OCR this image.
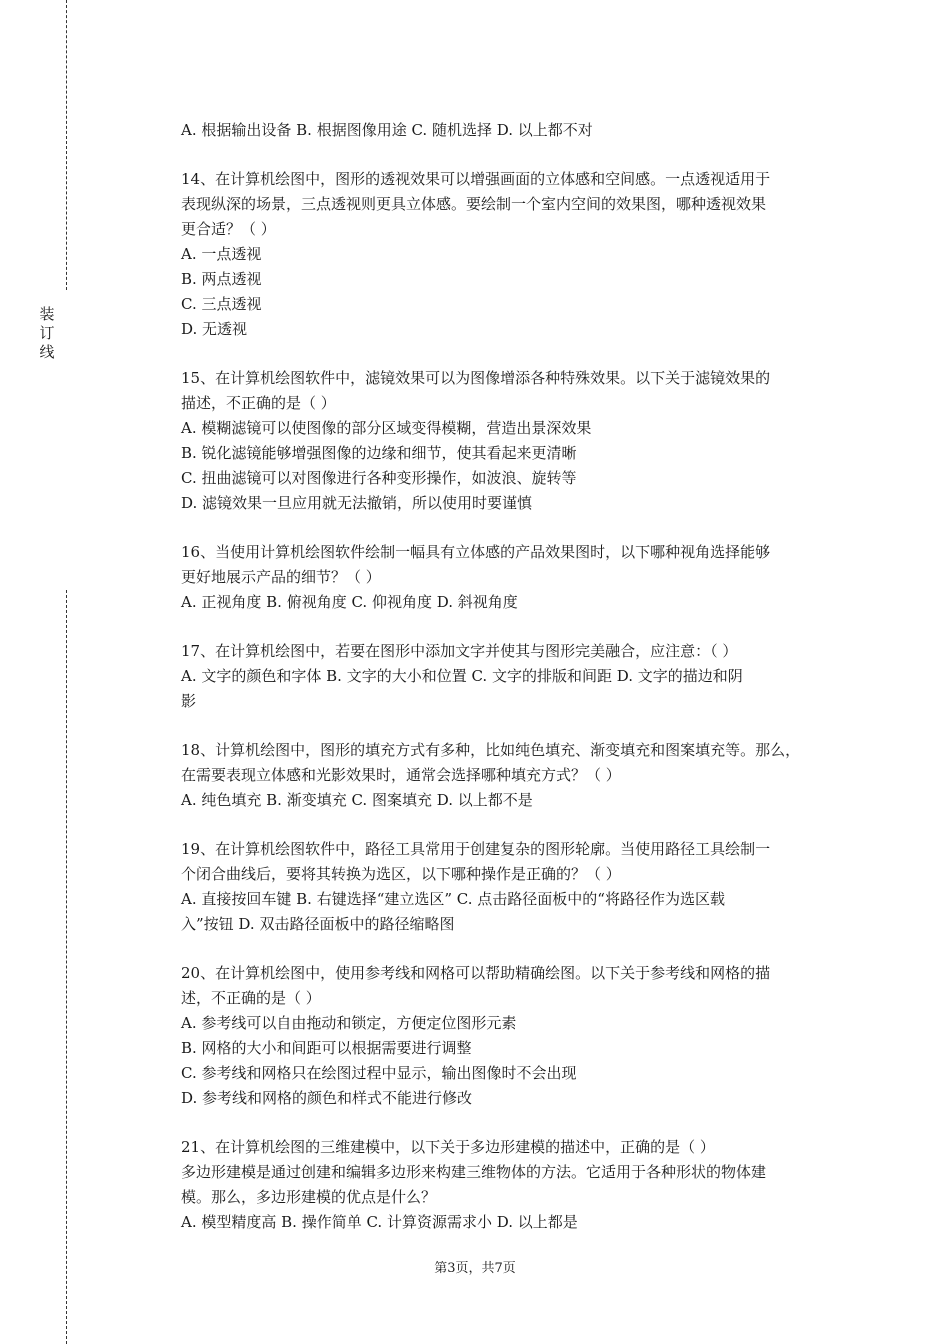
装订线
A. 根据输出设备 B. 根据图像用途 C. 随机选择 D. 以上都不对
14、在计算机绘图中，图形的透视效果可以增强画面的立体感和空间感。一点透视适用于
表现纵深的场景，三点透视则更具立体感。要绘制一个室内空间的效果图，哪种透视效果
更合适？（ ）
A. 一点透视
B. 两点透视
C. 三点透视
D. 无透视
15、在计算机绘图软件中，滤镜效果可以为图像增添各种特殊效果。以下关于滤镜效果的
描述，不正确的是（ ）
A. 模糊滤镜可以使图像的部分区域变得模糊，营造出景深效果
B. 锐化滤镜能够增强图像的边缘和细节，使其看起来更清晰
C. 扭曲滤镜可以对图像进行各种变形操作，如波浪、旋转等
D. 滤镜效果一旦应用就无法撤销，所以使用时要谨慎
16、当使用计算机绘图软件绘制一幅具有立体感的产品效果图时，以下哪种视角选择能够
更好地展示产品的细节？（ ）
A. 正视角度 B. 俯视角度 C. 仰视角度 D. 斜视角度
17、在计算机绘图中，若要在图形中添加文字并使其与图形完美融合，应注意：（ ）
A. 文字的颜色和字体 B. 文字的大小和位置 C. 文字的排版和间距 D. 文字的描边和阴
影
18、计算机绘图中，图形的填充方式有多种，比如纯色填充、渐变填充和图案填充等。那么，
在需要表现立体感和光影效果时，通常会选择哪种填充方式？（ ）
A. 纯色填充 B. 渐变填充 C. 图案填充 D. 以上都不是
19、在计算机绘图软件中，路径工具常用于创建复杂的图形轮廓。当使用路径工具绘制一
个闭合曲线后，要将其转换为选区，以下哪种操作是正确的？（ ）
A. 直接按回车键 B. 右键选择“建立选区” C. 点击路径面板中的“将路径作为选区载
入”按钮 D. 双击路径面板中的路径缩略图
20、在计算机绘图中，使用参考线和网格可以帮助精确绘图。以下关于参考线和网格的描
述，不正确的是（ ）
A. 参考线可以自由拖动和锁定，方便定位图形元素
B. 网格的大小和间距可以根据需要进行调整
C. 参考线和网格只在绘图过程中显示，输出图像时不会出现
D. 参考线和网格的颜色和样式不能进行修改
21、在计算机绘图的三维建模中，以下关于多边形建模的描述中，正确的是（ ）
多边形建模是通过创建和编辑多边形来构建三维物体的方法。它适用于各种形状的物体建
模。那么，多边形建模的优点是什么？
A. 模型精度高 B. 操作简单 C. 计算资源需求小 D. 以上都是
第3页，共7页
